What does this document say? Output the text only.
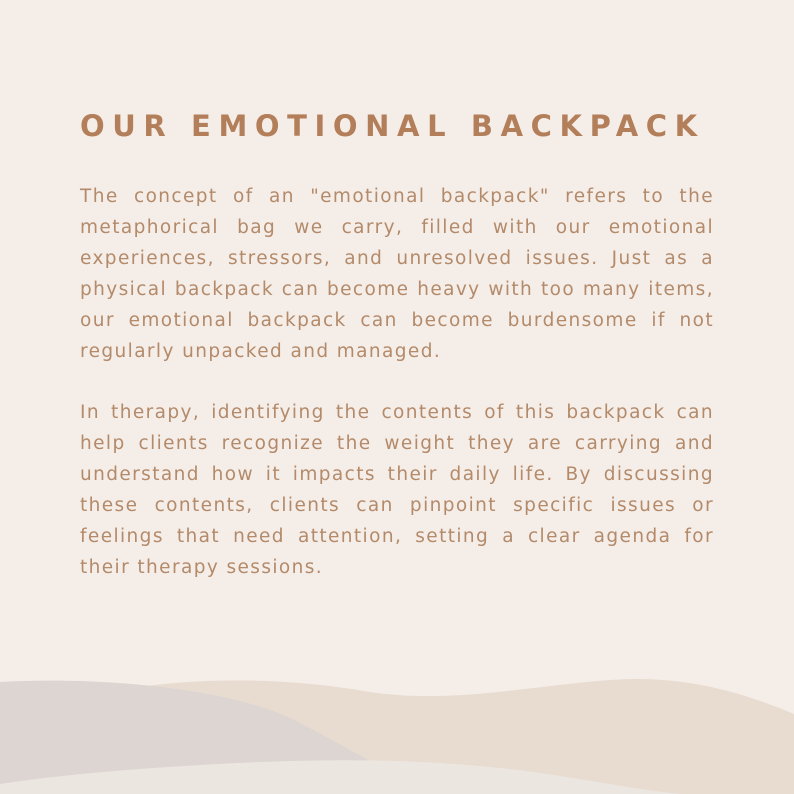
OUR EMOTIONAL BACKPACK

The concept of an "emotional backpack" refers to the metaphorical bag we carry, filled with our emotional experiences, stressors, and unresolved issues. Just as a physical backpack can become heavy with too many items, our emotional backpack can become burdensome if not regularly unpacked and managed.

In therapy, identifying the contents of this backpack can help clients recognize the weight they are carrying and understand how it impacts their daily life. By discussing these contents, clients can pinpoint specific issues or feelings that need attention, setting a clear agenda for their therapy sessions.
